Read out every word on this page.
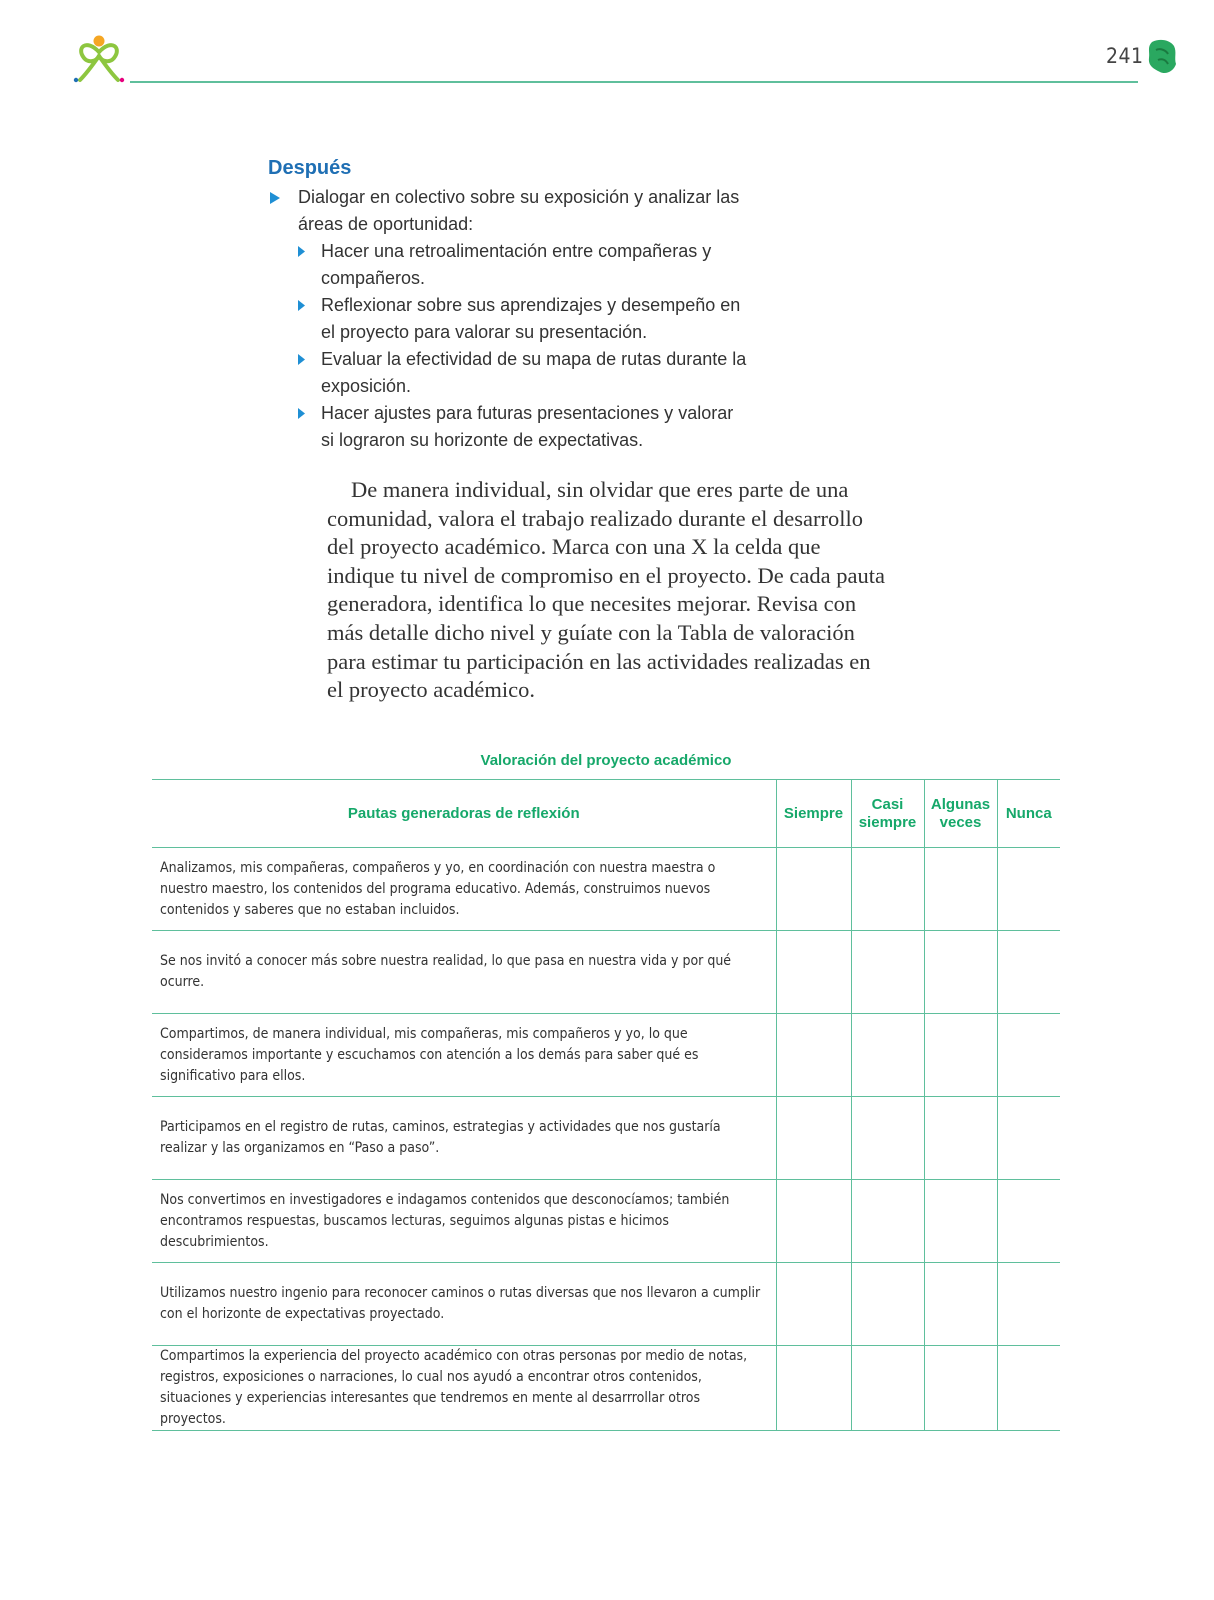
241
Después
Dialogar en colectivo sobre su exposición y analizar las áreas de oportunidad:
Hacer una retroalimentación entre compañeras y compañeros.
Reflexionar sobre sus aprendizajes y desempeño en el proyecto para valorar su presentación.
Evaluar la efectividad de su mapa de rutas durante la exposición.
Hacer ajustes para futuras presentaciones y valorar si lograron su horizonte de expectativas.
De manera individual, sin olvidar que eres parte de una comunidad, valora el trabajo realizado durante el desarrollo del proyecto académico. Marca con una X la celda que indique tu nivel de compromiso en el proyecto. De cada pauta generadora, identifica lo que necesites mejorar. Revisa con más detalle dicho nivel y guíate con la Tabla de valoración para estimar tu participación en las actividades realizadas en el proyecto académico.
Valoración del proyecto académico
Pautas generadoras de reflexión	Siempre	Casi siempre	Algunas veces	Nunca
Analizamos, mis compañeras, compañeros y yo, en coordinación con nuestra maestra o nuestro maestro, los contenidos del programa educativo. Además, construimos nuevos contenidos y saberes que no estaban incluidos.				
Se nos invitó a conocer más sobre nuestra realidad, lo que pasa en nuestra vida y por qué ocurre.				
Compartimos, de manera individual, mis compañeras, mis compañeros y yo, lo que consideramos importante y escuchamos con atención a los demás para saber qué es significativo para ellos.				
Participamos en el registro de rutas, caminos, estrategias y actividades que nos gustaría realizar y las organizamos en “Paso a paso”.				
Nos convertimos en investigadores e indagamos contenidos que desconocíamos; también encontramos respuestas, buscamos lecturas, seguimos algunas pistas e hicimos descubrimientos.				
Utilizamos nuestro ingenio para reconocer caminos o rutas diversas que nos llevaron a cumplir con el horizonte de expectativas proyectado.				
Compartimos la experiencia del proyecto académico con otras personas por medio de notas, registros, exposiciones o narraciones, lo cual nos ayudó a encontrar otros contenidos, situaciones y experiencias interesantes que tendremos en mente al desarrrollar otros proyectos.				
